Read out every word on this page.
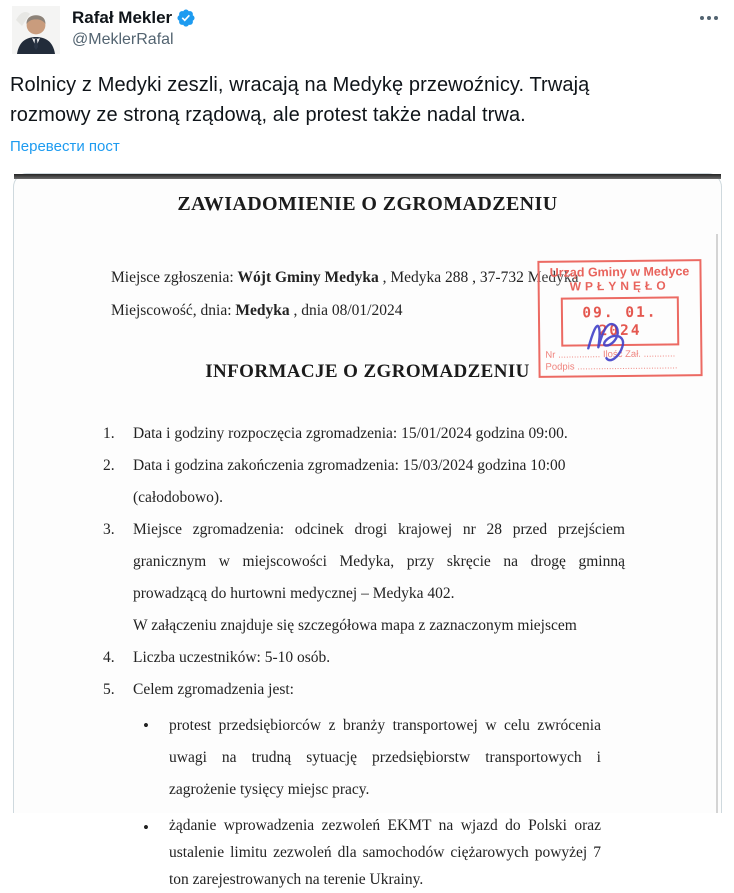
Rafał Mekler
@MeklerRafal
Rolnicy z Medyki zeszli, wracają na Medykę przewoźnicy. Trwają rozmowy ze stroną rządową, ale protest także nadal trwa.
Перевести пост
ZAWIADOMIENIE O ZGROMADZENIU
Miejsce zgłoszenia: Wójt Gminy Medyka , Medyka 288 , 37-732 Medyka
Miejscowość, dnia: Medyka , dnia 08/01/2024
INFORMACJE O ZGROMADZENIU
1.	Data i godziny rozpoczęcia zgromadzenia: 15/01/2024 godzina 09:00.
2.	Data i godzina zakończenia zgromadzenia: 15/03/2024 godzina 10:00 (całodobowo).
3.	Miejsce zgromadzenia: odcinek drogi krajowej nr 28 przed przejściem granicznym w miejscowości Medyka, przy skręcie na drogę gminną prowadzącą do hurtowni medycznej – Medyka 402.
W załączeniu znajduje się szczegółowa mapa z zaznaczonym miejscem
4.	Liczba uczestników: 5-10 osób.
5.	Celem zgromadzenia jest:
•	protest przedsiębiorców z branży transportowej w celu zwrócenia uwagi na trudną sytuację przedsiębiorstw transportowych i zagrożenie tysięcy miejsc pracy.
•	żądanie wprowadzenia zezwoleń EKMT na wjazd do Polski oraz ustalenie limitu zezwoleń dla samochodów ciężarowych powyżej 7 ton zarejestrowanych na terenie Ukrainy.
Urząd Gminy w Medyce
WPŁYNĘŁO
09. 01. 2024
Nr ................ Ilość Zał. ............
Podpis ......................................
